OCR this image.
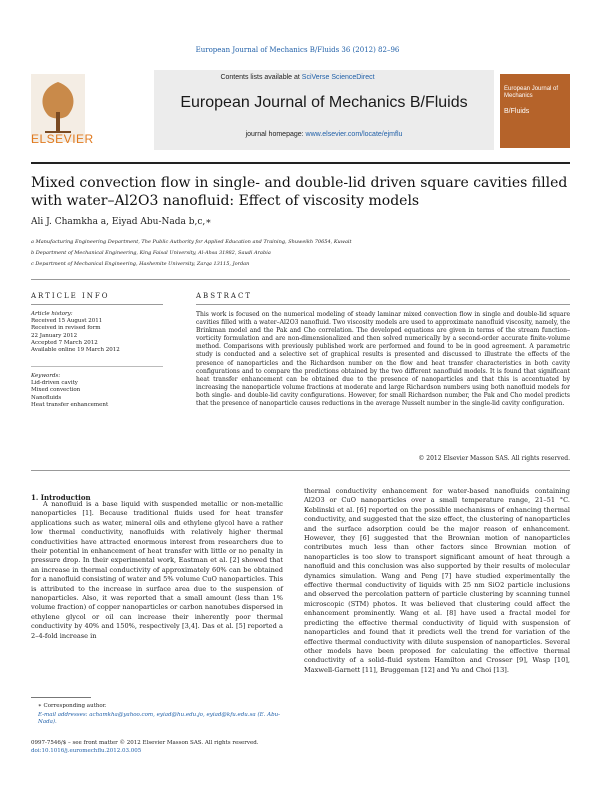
European Journal of Mechanics B/Fluids 36 (2012) 82–96
ELSEVIER
Contents lists available at SciVerse ScienceDirect
European Journal of Mechanics B/Fluids
journal homepage: www.elsevier.com/locate/ejmflu
European Journal of Mechanics
B/Fluids
Mixed convection flow in single- and double-lid driven square cavities filled with water–Al2O3 nanofluid: Effect of viscosity models
Ali J. Chamkha a, Eiyad Abu-Nada b,c,∗
a Manufacturing Engineering Department, The Public Authority for Applied Education and Training, Shuweikh 70654, Kuwait
b Department of Mechanical Engineering, King Faisal University, Al-Ahsa 31982, Saudi Arabia
c Department of Mechanical Engineering, Hashemite University, Zarqa 13115, Jordan
ARTICLE INFO	ABSTRACT
Article history:
Received 15 August 2011
Received in revised form
22 January 2012
Accepted 7 March 2012
Available online 19 March 2012
Keywords:
Lid-driven cavity
Mixed convection
Nanofluids
Heat transfer enhancement
This work is focused on the numerical modeling of steady laminar mixed convection flow in single and double-lid square cavities filled with a water–Al2O3 nanofluid. Two viscosity models are used to approximate nanofluid viscosity, namely, the Brinkman model and the Pak and Cho correlation. The developed equations are given in terms of the stream function–vorticity formulation and are non-dimensionalized and then solved numerically by a second-order accurate finite-volume method. Comparisons with previously published work are performed and found to be in good agreement. A parametric study is conducted and a selective set of graphical results is presented and discussed to illustrate the effects of the presence of nanoparticles and the Richardson number on the flow and heat transfer characteristics in both cavity configurations and to compare the predictions obtained by the two different nanofluid models. It is found that significant heat transfer enhancement can be obtained due to the presence of nanoparticles and that this is accentuated by increasing the nanoparticle volume fractions at moderate and large Richardson numbers using both nanofluid models for both single- and double-lid cavity configurations. However, for small Richardson number, the Pak and Cho model predicts that the presence of nanoparticle causes reductions in the average Nusselt number in the single-lid cavity configuration.
© 2012 Elsevier Masson SAS. All rights reserved.
1. Introduction
A nanofluid is a base liquid with suspended metallic or non-metallic nanoparticles [1]. Because traditional fluids used for heat transfer applications such as water, mineral oils and ethylene glycol have a rather low thermal conductivity, nanofluids with relatively higher thermal conductivities have attracted enormous interest from researchers due to their potential in enhancement of heat transfer with little or no penalty in pressure drop. In their experimental work, Eastman et al. [2] showed that an increase in thermal conductivity of approximately 60% can be obtained for a nanofluid consisting of water and 5% volume CuO nanoparticles. This is attributed to the increase in surface area due to the suspension of nanoparticles. Also, it was reported that a small amount (less than 1% volume fraction) of copper nanoparticles or carbon nanotubes dispersed in ethylene glycol or oil can increase their inherently poor thermal conductivity by 40% and 150%, respectively [3,4]. Das et al. [5] reported a 2–4-fold increase in
thermal conductivity enhancement for water-based nanofluids containing Al2O3 or CuO nanoparticles over a small temperature range, 21–51 °C. Keblinski et al. [6] reported on the possible mechanisms of enhancing thermal conductivity, and suggested that the size effect, the clustering of nanoparticles and the surface adsorption could be the major reason of enhancement. However, they [6] suggested that the Brownian motion of nanoparticles contributes much less than other factors since Brownian motion of nanoparticles is too slow to transport significant amount of heat through a nanofluid and this conclusion was also supported by their results of molecular dynamics simulation. Wang and Peng [7] have studied experimentally the effective thermal conductivity of liquids with 25 nm SiO2 particle inclusions and observed the percolation pattern of particle clustering by scanning tunnel microscopic (STM) photos. It was believed that clustering could affect the enhancement prominently. Wang et al. [8] have used a fractal model for predicting the effective thermal conductivity of liquid with suspension of nanoparticles and found that it predicts well the trend for variation of the effective thermal conductivity with dilute suspension of nanoparticles. Several other models have been proposed for calculating the effective thermal conductivity of a solid–fluid system Hamilton and Crosser [9], Wasp [10], Maxwell-Garnett [11], Bruggeman [12] and Yu and Choi [13].
∗ Corresponding author.
E-mail addresses: achamkha@yahoo.com, eyiad@hu.edu.jo, eyiad@kfu.edu.sa (E. Abu-Nada).
0997-7546/$ – see front matter © 2012 Elsevier Masson SAS. All rights reserved.
doi:10.1016/j.euromechflu.2012.03.005
